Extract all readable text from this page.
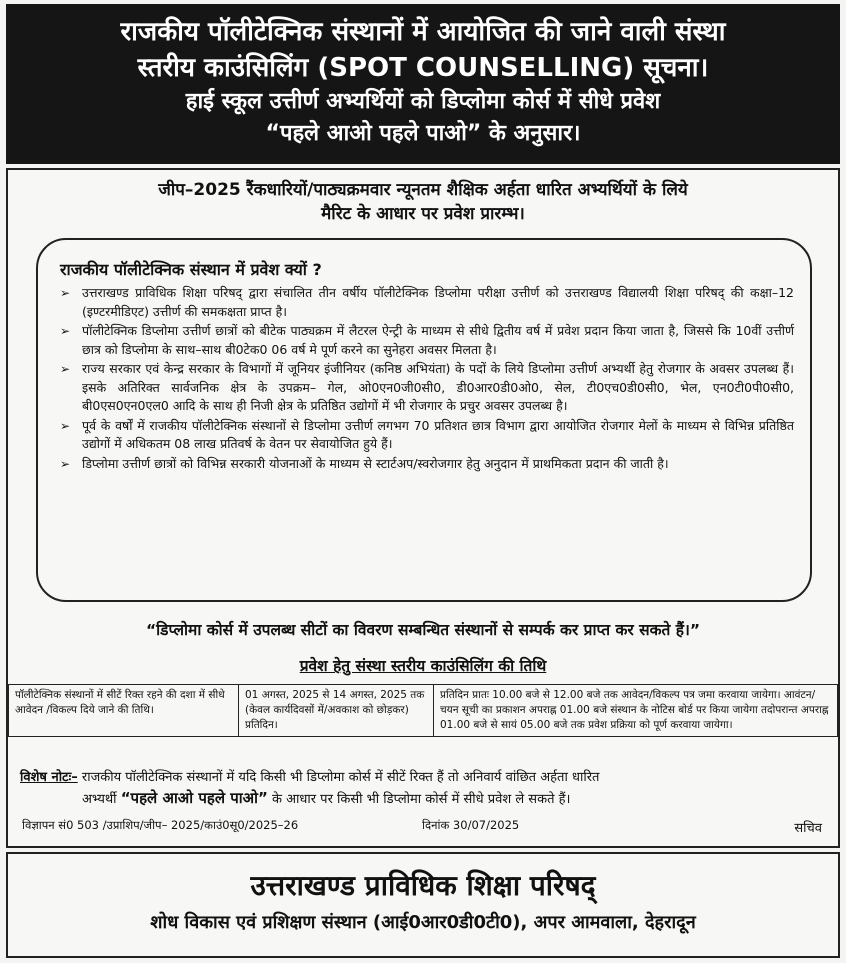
राजकीय पॉलीटेक्निक संस्थानों में आयोजित की जाने वाली संस्था
स्तरीय काउंसिलिंग (SPOT COUNSELLING) सूचना।
हाई स्कूल उत्तीर्ण अभ्यर्थियों को डिप्लोमा कोर्स में सीधे प्रवेश
“पहले आओ पहले पाओ” के अनुसार।
जीप–2025 रैंकधारियों/पाठ्यक्रमवार न्यूनतम शैक्षिक अर्हता धारित अभ्यर्थियों के लिये
मैरिट के आधार पर प्रवेश प्रारम्भ।
राजकीय पॉलीटेक्निक संस्थान में प्रवेश क्यों ?
➢ उत्तराखण्ड प्राविधिक शिक्षा परिषद् द्वारा संचालित तीन वर्षीय पॉलीटेक्निक डिप्लोमा परीक्षा उत्तीर्ण को उत्तराखण्ड विद्यालयी शिक्षा परिषद् की कक्षा–12 (इण्टरमीडिएट) उत्तीर्ण की समकक्षता प्राप्त है।
➢ पॉलीटेक्निक डिप्लोमा उत्तीर्ण छात्रों को बीटेक पाठ्यक्रम में लैटरल ऐन्ट्री के माध्यम से सीधे द्वितीय वर्ष में प्रवेश प्रदान किया जाता है, जिससे कि 10वीं उत्तीर्ण छात्र को डिप्लोमा के साथ–साथ बी0टेक0 06 वर्ष मे पूर्ण करने का सुनेहरा अवसर मिलता है।
➢ राज्य सरकार एवं केन्द्र सरकार के विभागों में जूनियर इंजीनियर (कनिष्ठ अभियंता) के पदों के लिये डिप्लोमा उत्तीर्ण अभ्यर्थी हेतु रोजगार के अवसर उपलब्ध हैं। इसके अतिरिक्त सार्वजनिक क्षेत्र के उपक्रम– गेल, ओ0एन0जी0सी0, डी0आर0डी0ओ0, सेल, टी0एच0डी0सी0, भेल, एन0टी0पी0सी0, बी0एस0एन0एल0 आदि के साथ ही निजी क्षेत्र के प्रतिष्ठित उद्योगों में भी रोजगार के प्रचुर अवसर उपलब्ध है।
➢ पूर्व के वर्षों में राजकीय पॉलीटेक्निक संस्थानों से डिप्लोमा उत्तीर्ण लगभग 70 प्रतिशत छात्र विभाग द्वारा आयोजित रोजगार मेलों के माध्यम से विभिन्न प्रतिष्ठित उद्योगों में अधिकतम 08 लाख प्रतिवर्ष के वेतन पर सेवायोजित हुये हैं।
➢ डिप्लोमा उत्तीर्ण छात्रों को विभिन्न सरकारी योजनाओं के माध्यम से स्टार्टअप/स्वरोजगार हेतु अनुदान में प्राथमिकता प्रदान की जाती है।
“डिप्लोमा कोर्स में उपलब्ध सीटों का विवरण सम्बन्धित संस्थानों से सम्पर्क कर प्राप्त कर सकते हैं।”
प्रवेश हेतु संस्था स्तरीय काउंसिलिंग की तिथि
पॉलीटेक्निक संस्थानों में सीटें रिक्त रहने की दशा में सीधे आवेदन /विकल्प दिये जाने की तिथि।	01 अगस्त, 2025 से 14 अगस्त, 2025 तक (केवल कार्यदिवसों में/अवकाश को छोड़कर) प्रतिदिन।	प्रतिदिन प्रातः 10.00 बजे से 12.00 बजे तक आवेदन/विकल्प पत्र जमा करवाया जायेगा। आवंटन/चयन सूची का प्रकाशन अपराह्न 01.00 बजे संस्थान के नोटिस बोर्ड पर किया जायेगा तदोपरान्त अपराह्न 01.00 बजे से सायं 05.00 बजे तक प्रवेश प्रक्रिया को पूर्ण करवाया जायेगा।
विशेष नोटः– राजकीय पॉलीटेक्निक संस्थानों में यदि किसी भी डिप्लोमा कोर्स में सीटें रिक्त हैं तो अनिवार्य वांछित अर्हता धारित
अभ्यर्थी “पहले आओ पहले पाओ” के आधार पर किसी भी डिप्लोमा कोर्स में सीधे प्रवेश ले सकते हैं।
विज्ञापन सं0 503 /उप्राशिप/जीप– 2025/काउं0सू0/2025–26	दिनांक 30/07/2025	सचिव
उत्तराखण्ड प्राविधिक शिक्षा परिषद्
शोध विकास एवं प्रशिक्षण संस्थान (आई0आर0डी0टी0), अपर आमवाला, देहरादून
